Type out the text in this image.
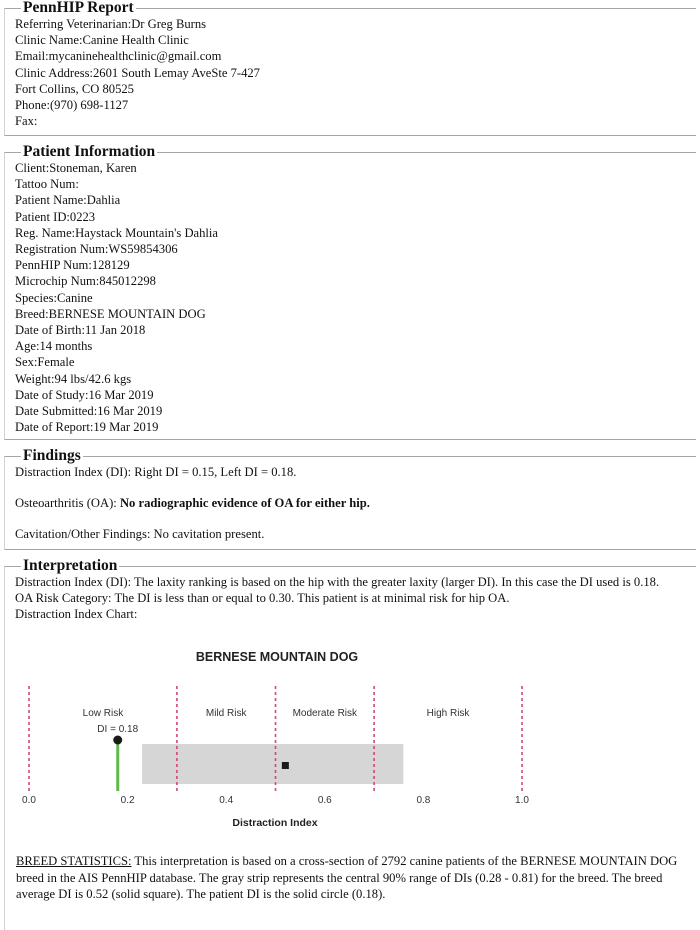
PennHIP Report
Referring Veterinarian:Dr Greg Burns
Clinic Name:Canine Health Clinic
Email:mycaninehealthclinic@gmail.com
Clinic Address:2601 South Lemay AveSte 7-427
Fort Collins, CO 80525
Phone:(970) 698-1127
Fax:
Patient Information
Client:Stoneman, Karen
Tattoo Num:
Patient Name:Dahlia
Patient ID:0223
Reg. Name:Haystack Mountain's Dahlia
Registration Num:WS59854306
PennHIP Num:128129
Microchip Num:845012298
Species:Canine
Breed:BERNESE MOUNTAIN DOG
Date of Birth:11 Jan 2018
Age:14 months
Sex:Female
Weight:94 lbs/42.6 kgs
Date of Study:16 Mar 2019
Date Submitted:16 Mar 2019
Date of Report:19 Mar 2019
Findings
Distraction Index (DI): Right DI = 0.15, Left DI = 0.18.
Osteoarthritis (OA): No radiographic evidence of OA for either hip.
Cavitation/Other Findings: No cavitation present.
Interpretation
Distraction Index (DI): The laxity ranking is based on the hip with the greater laxity (larger DI). In this case the DI used is 0.18.
OA Risk Category: The DI is less than or equal to 0.30. This patient is at minimal risk for hip OA.
Distraction Index Chart:
BERNESE MOUNTAIN DOG
Low Risk	Mild Risk	Moderate Risk	High Risk
DI = 0.18
0.0	0.2	0.4	0.6	0.8	1.0
Distraction Index
BREED STATISTICS: This interpretation is based on a cross-section of 2792 canine patients of the BERNESE MOUNTAIN DOG breed in the AIS PennHIP database. The gray strip represents the central 90% range of DIs (0.28 - 0.81) for the breed. The breed average DI is 0.52 (solid square). The patient DI is the solid circle (0.18).
